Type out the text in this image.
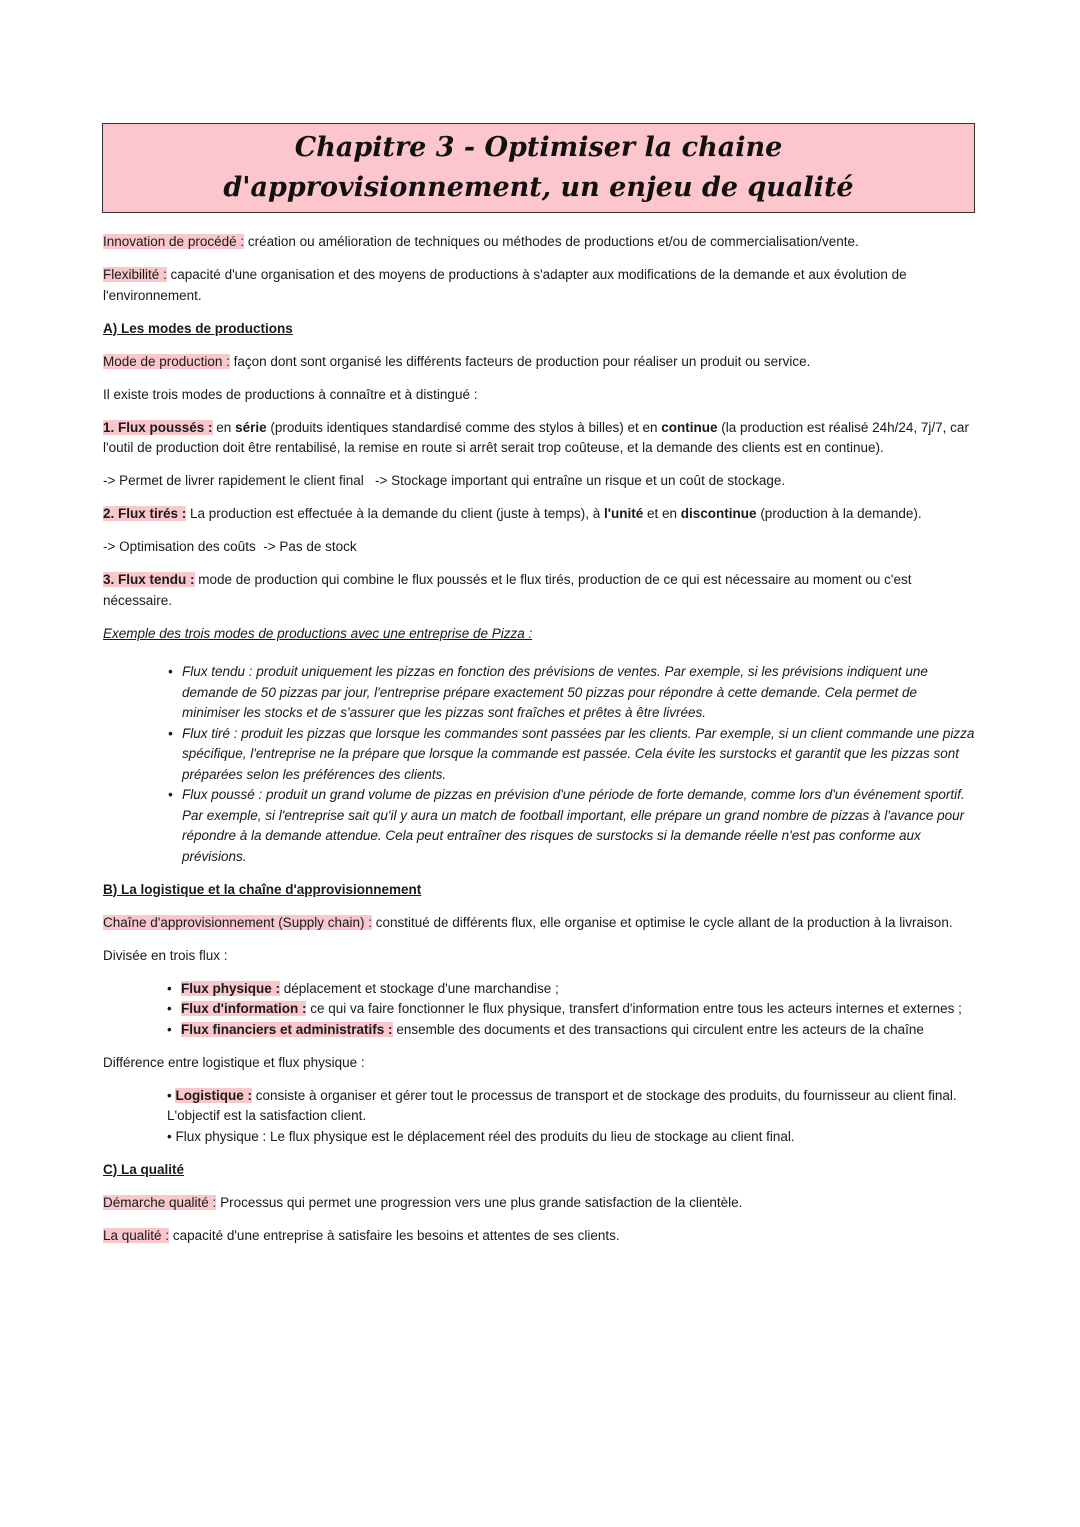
Chapitre 3 - Optimiser la chaine d'approvisionnement, un enjeu de qualité

Innovation de procédé : création ou amélioration de techniques ou méthodes de productions et/ou de commercialisation/vente.

Flexibilité : capacité d'une organisation et des moyens de productions à s'adapter aux modifications de la demande et aux évolution de l'environnement.

A) Les modes de productions

Mode de production : façon dont sont organisé les différents facteurs de production pour réaliser un produit ou service.

Il existe trois modes de productions à connaître et à distingué :

1. Flux poussés : en série (produits identiques standardisé comme des stylos à billes) et en continue (la production est réalisé 24h/24, 7j/7, car l'outil de production doit être rentabilisé, la remise en route si arrêt serait trop coûteuse, et la demande des clients est en continue).

-> Permet de livrer rapidement le client final   -> Stockage important qui entraîne un risque et un coût de stockage.

2. Flux tirés : La production est effectuée à la demande du client (juste à temps), à l'unité et en discontinue (production à la demande).

-> Optimisation des coûts  -> Pas de stock

3. Flux tendu : mode de production qui combine le flux poussés et le flux tirés, production de ce qui est nécessaire au moment ou c'est nécessaire.

Exemple des trois modes de productions avec une entreprise de Pizza :

• Flux tendu : produit uniquement les pizzas en fonction des prévisions de ventes. Par exemple, si les prévisions indiquent une demande de 50 pizzas par jour, l'entreprise prépare exactement 50 pizzas pour répondre à cette demande. Cela permet de minimiser les stocks et de s'assurer que les pizzas sont fraîches et prêtes à être livrées.
• Flux tiré : produit les pizzas que lorsque les commandes sont passées par les clients. Par exemple, si un client commande une pizza spécifique, l'entreprise ne la prépare que lorsque la commande est passée. Cela évite les surstocks et garantit que les pizzas sont préparées selon les préférences des clients.
• Flux poussé : produit un grand volume de pizzas en prévision d'une période de forte demande, comme lors d'un événement sportif. Par exemple, si l'entreprise sait qu'il y aura un match de football important, elle prépare un grand nombre de pizzas à l'avance pour répondre à la demande attendue. Cela peut entraîner des risques de surstocks si la demande réelle n'est pas conforme aux prévisions.

B) La logistique et la chaîne d'approvisionnement

Chaîne d'approvisionnement (Supply chain) : constitué de différents flux, elle organise et optimise le cycle allant de la production à la livraison.

Divisée en trois flux :

• Flux physique : déplacement et stockage d'une marchandise ;
• Flux d'information : ce qui va faire fonctionner le flux physique, transfert d'information entre tous les acteurs internes et externes ;
• Flux financiers et administratifs : ensemble des documents et des transactions qui circulent entre les acteurs de la chaîne

Différence entre logistique et flux physique :

• Logistique : consiste à organiser et gérer tout le processus de transport et de stockage des produits, du fournisseur au client final.
L'objectif est la satisfaction client.
• Flux physique : Le flux physique est le déplacement réel des produits du lieu de stockage au client final.

C) La qualité

Démarche qualité : Processus qui permet une progression vers une plus grande satisfaction de la clientèle.

La qualité : capacité d'une entreprise à satisfaire les besoins et attentes de ses clients.
